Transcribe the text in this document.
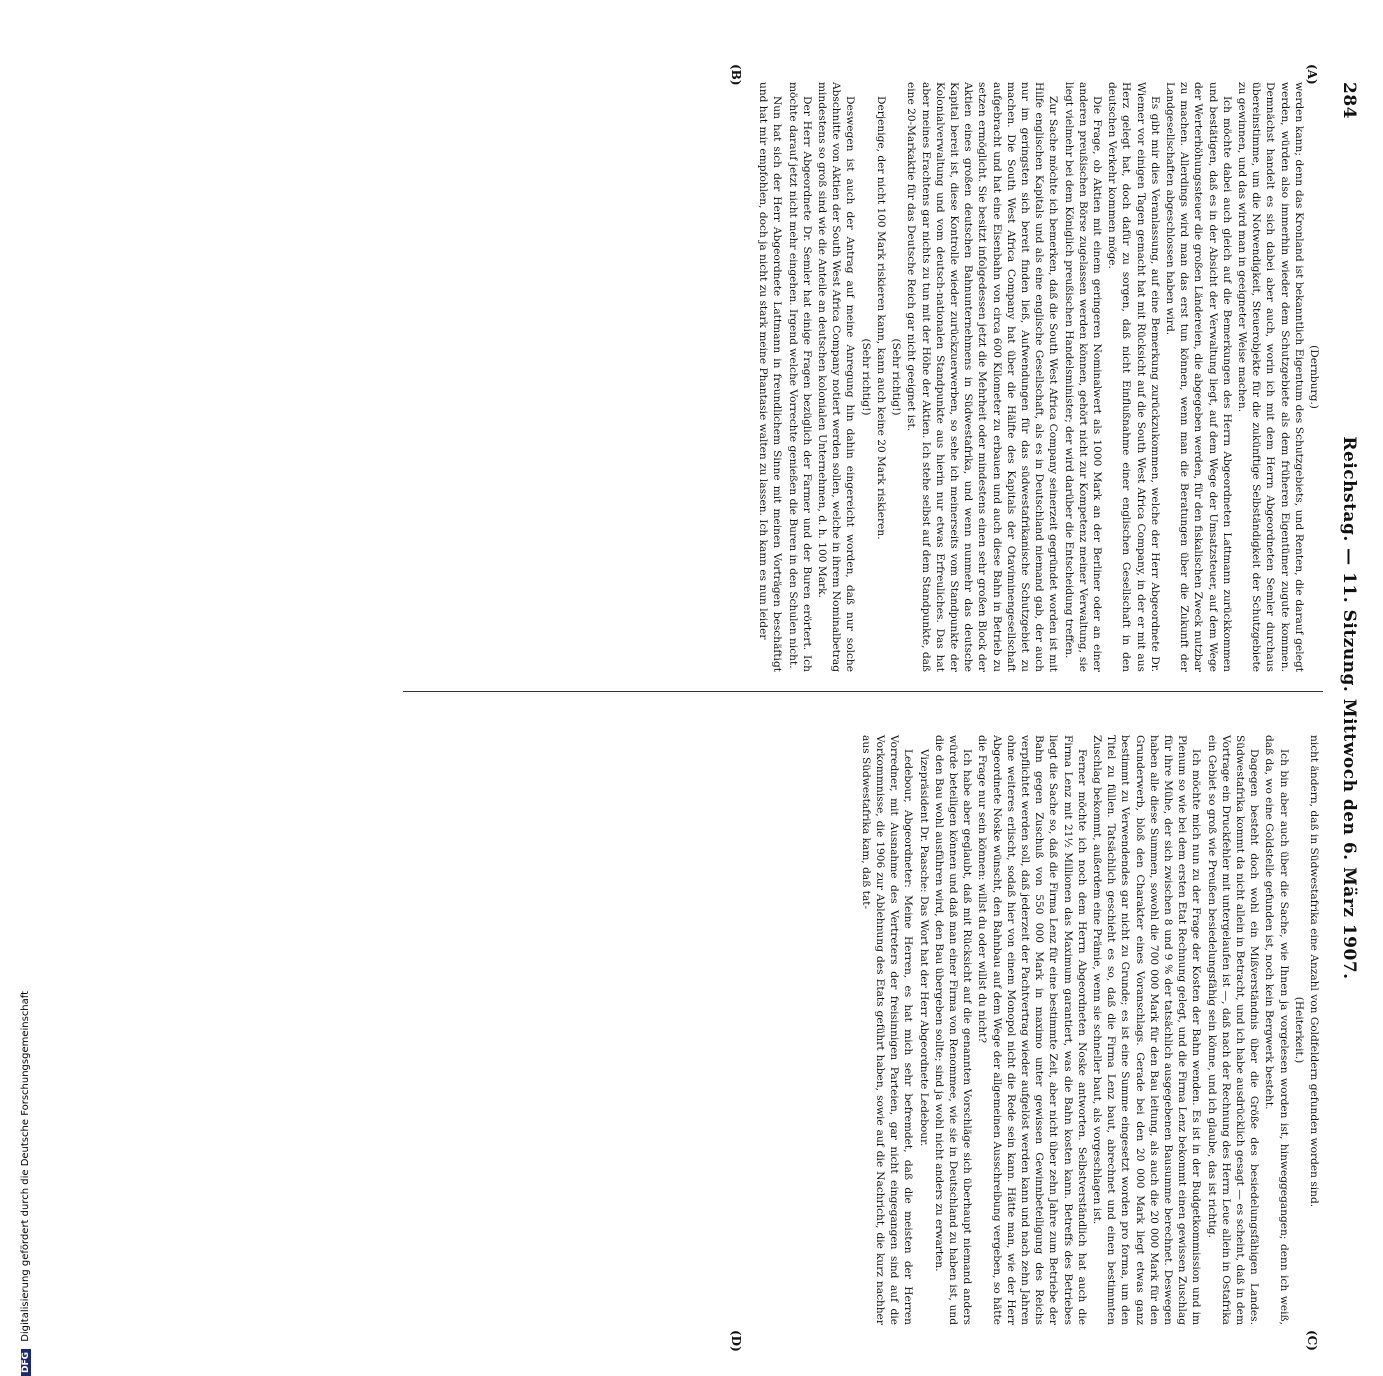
284
Reichstag. — 11. Sitzung. Mittwoch den 6. März 1907.
(A)
(B)
(C)
(D)

(Dernburg.)

werden kann; denn das Kronland ist bekanntlich Eigentum des Schutzgebiets, und Renten, die darauf gelegt werden, würden also immerhin wieder dem Schutzgebiete als dem früheren Eigentümer zugute kommen. Demnächst handelt es sich dabei aber auch, worin ich mit dem Herrn Abgeordneten Semler durchaus übereinstimme, um die Notwendigkeit, Steuerobjekte für die zukünftige Selbständigkeit der Schutzgebiete zu gewinnen, und das wird man in geeigneter Weise machen.

Ich möchte dabei auch gleich auf die Bemerkungen des Herrn Abgeordneten Lattmann zurückkommen und bestätigen, daß es in der Absicht der Verwaltung liegt, auf dem Wege der Umsatzsteuer, auf dem Wege der Werterhöhungssteuer die großen Ländereien, die abgegeben werden, für den fiskalischen Zweck nutzbar zu machen. Allerdings wird man das erst tun können, wenn man die Beratungen über die Zukunft der Landgesellschaften abgeschlossen haben wird.

Es gibt mir dies Veranlassung, auf eine Bemerkung zurückzukommen, welche der Herr Abgeordnete Dr. Wiemer vor einigen Tagen gemacht hat mit Rücksicht auf die South West Africa Company, in der er mit aus Herz gelegt hat, doch dafür zu sorgen, daß nicht Einflußnahme einer englischen Gesellschaft in den deutschen Verkehr kommen möge.

Die Frage, ob Aktien mit einem geringeren Nominalwert als 1000 Mark an der Berliner oder an einer anderen preußischen Börse zugelassen werden können, gehört nicht zur Kompetenz meiner Verwaltung, sie liegt vielmehr bei dem Königlich preußischen Handelsminister; der wird darüber die Entscheidung treffen.

Zur Sache möchte ich bemerken, daß die South West Africa Company seinerzeit gegründet worden ist mit Hilfe englischen Kapitals und als eine englische Gesellschaft, als es in Deutschland niemand gab, der auch nur im geringsten sich bereit finden ließ, Aufwendungen für das südwestafrikanische Schutzgebiet zu machen. Die South West Africa Company hat über die Hälfte des Kapitals der Otaviminengesellschaft aufgebracht und hat eine Eisenbahn von circa 600 Kilometer zu erbauen und auch diese Bahn in Betrieb zu setzen ermöglicht. Sie besitzt infolgedessen jetzt die Mehrheit oder mindestens einen sehr großen Block der Aktien eines großen deutschen Bahnunternehmens in Südwestafrika, und wenn nunmehr das deutsche Kapital bereit ist, diese Kontrolle wieder zurückzuerwerben, so sehe ich meinerseits vom Standpunkte der Kolonialverwaltung und vom deutsch-nationalen Standpunkte aus hierin nur etwas Erfreuliches. Das hat aber meines Erachtens gar nichts zu tun mit der Höhe der Aktien. Ich stehe selbst auf dem Standpunkte, daß eine 20-Markaktie für das Deutsche Reich gar nicht geeignet ist.

(Sehr richtig!)

Derjenige, der nicht 100 Mark riskieren kann, kann auch keine 20 Mark riskieren.

(Sehr richtig!)

Deswegen ist auch der Antrag auf meine Anregung hin dahin eingereicht worden, daß nur solche Abschnitte von Aktien der South West Africa Company notiert werden sollen, welche in ihrem Nominalbetrag mindestens so groß sind wie die Anteile an deutschen kolonialen Unternehmen, d. h. 100 Mark.

Der Herr Abgeordnete Dr. Semler hat einige Fragen bezüglich der Farmer und der Buren erörtert. Ich möchte darauf jetzt nicht mehr eingehen. Irgend welche Vorrechte genießen die Buren in den Schulen nicht.

Nun hat sich der Herr Abgeordnete Lattmann in freundlichem Sinne mit meinen Vorträgen beschäftigt und hat mir empfohlen, doch ja nicht zu stark meine Phantasie walten zu lassen. Ich kann es nun leider

nicht ändern, daß in Südwestafrika eine Anzahl von Goldfeldern gefunden worden sind.

(Heiterkeit.)

Ich bin aber auch über die Sache, wie Ihnen ja vorgelesen worden ist, hinweggegangen; denn ich weiß, daß da, wo eine Goldstelle gefunden ist, noch kein Bergwerk besteht.

Dagegen besteht doch wohl ein Mißverständnis über die Größe des besiedelungsfähigen Landes. Südwestafrika kommt da nicht allein in Betracht, und ich habe ausdrücklich gesagt — es scheint, daß in dem Vortrage ein Druckfehler mit untergelaufen ist —, daß nach der Rechnung des Herrn Leue allein in Ostafrika ein Gebiet so groß wie Preußen besiedelungsfähig sein könne, und ich glaube, das ist richtig.

Ich möchte mich nun zu der Frage der Kosten der Bahn wenden. Es ist in der Budgetkommission und im Plenum so wie bei dem ersten Etat Rechnung gelegt, und die Firma Lenz bekommt einen gewissen Zuschlag für ihre Mühe, der sich zwischen 8 und 9 % der tatsächlich ausgegebenen Bausumme berechnet. Deswegen haben alle diese Summen, sowohl die 700 000 Mark für den Bau leitung, als auch die 20 000 Mark für den Grunderwerb, bloß den Charakter eines Voranschlags. Gerade bei den 20 000 Mark liegt etwas ganz bestimmt zu Verwendendes gar nicht zu Grunde; es ist eine Summe eingesetzt worden pro forma, um den Titel zu füllen. Tatsächlich geschieht es so, daß die Firma Lenz baut, abrechnet und einen bestimmten Zuschlag bekommt, außerdem eine Prämie, wenn sie schneller baut, als vorgeschlagen ist.

Ferner möchte ich noch dem Herrn Abgeordneten Noske antworten. Selbstverständlich hat auch die Firma Lenz mit 21½ Millionen das Maximum garantiert, was die Bahn kosten kann. Betreffs des Betriebes liegt die Sache so, daß die Firma Lenz für eine bestimmte Zeit, aber nicht über zehn Jahre zum Betriebe der Bahn gegen Zuschuß von 550 000 Mark in maximo unter gewissen Gewinnbeteiligung des Reichs verpflichtet werden soll, daß jederzeit der Pachtvertrag wieder aufgelöst werden kann und nach zehn Jahren ohne weiteres erlischt, sodaß hier von einem Monopol nicht die Rede sein kann. Hätte man, wie der Herr Abgeordnete Noske wünscht, den Bahnbau auf dem Wege der allgemeinen Ausschreibung vergeben, so hätte die Frage nur sein können: willst du oder willst du nicht?

Ich habe aber geglaubt, daß mit Rücksicht auf die genannten Vorschläge sich überhaupt niemand anders würde beteiligen können und daß man einer Firma von Renommee, wie sie in Deutschland zu haben ist, und die den Bau wohl ausführen wird, den Bau übergeben sollte; sind ja wohl nicht anders zu erwarten.

Vizepräsident Dr. Paasche: Das Wort hat der Herr Abgeordnete Ledebour.

Ledebour, Abgeordneter: Meine Herren, es hat mich sehr befremdet, daß die meisten der Herren Vorredner, mit Ausnahme des Vertreters der freisinnigen Parteien, gar nicht eingegangen sind auf die Vorkommnisse, die 1906 zur Ablehnung des Etats geführt haben, sowie auf die Nachricht, die kurz nachher aus Südwestafrika kam, daß tat-

DFG Digitalisierung gefördert durch die Deutsche Forschungsgemeinschaft
